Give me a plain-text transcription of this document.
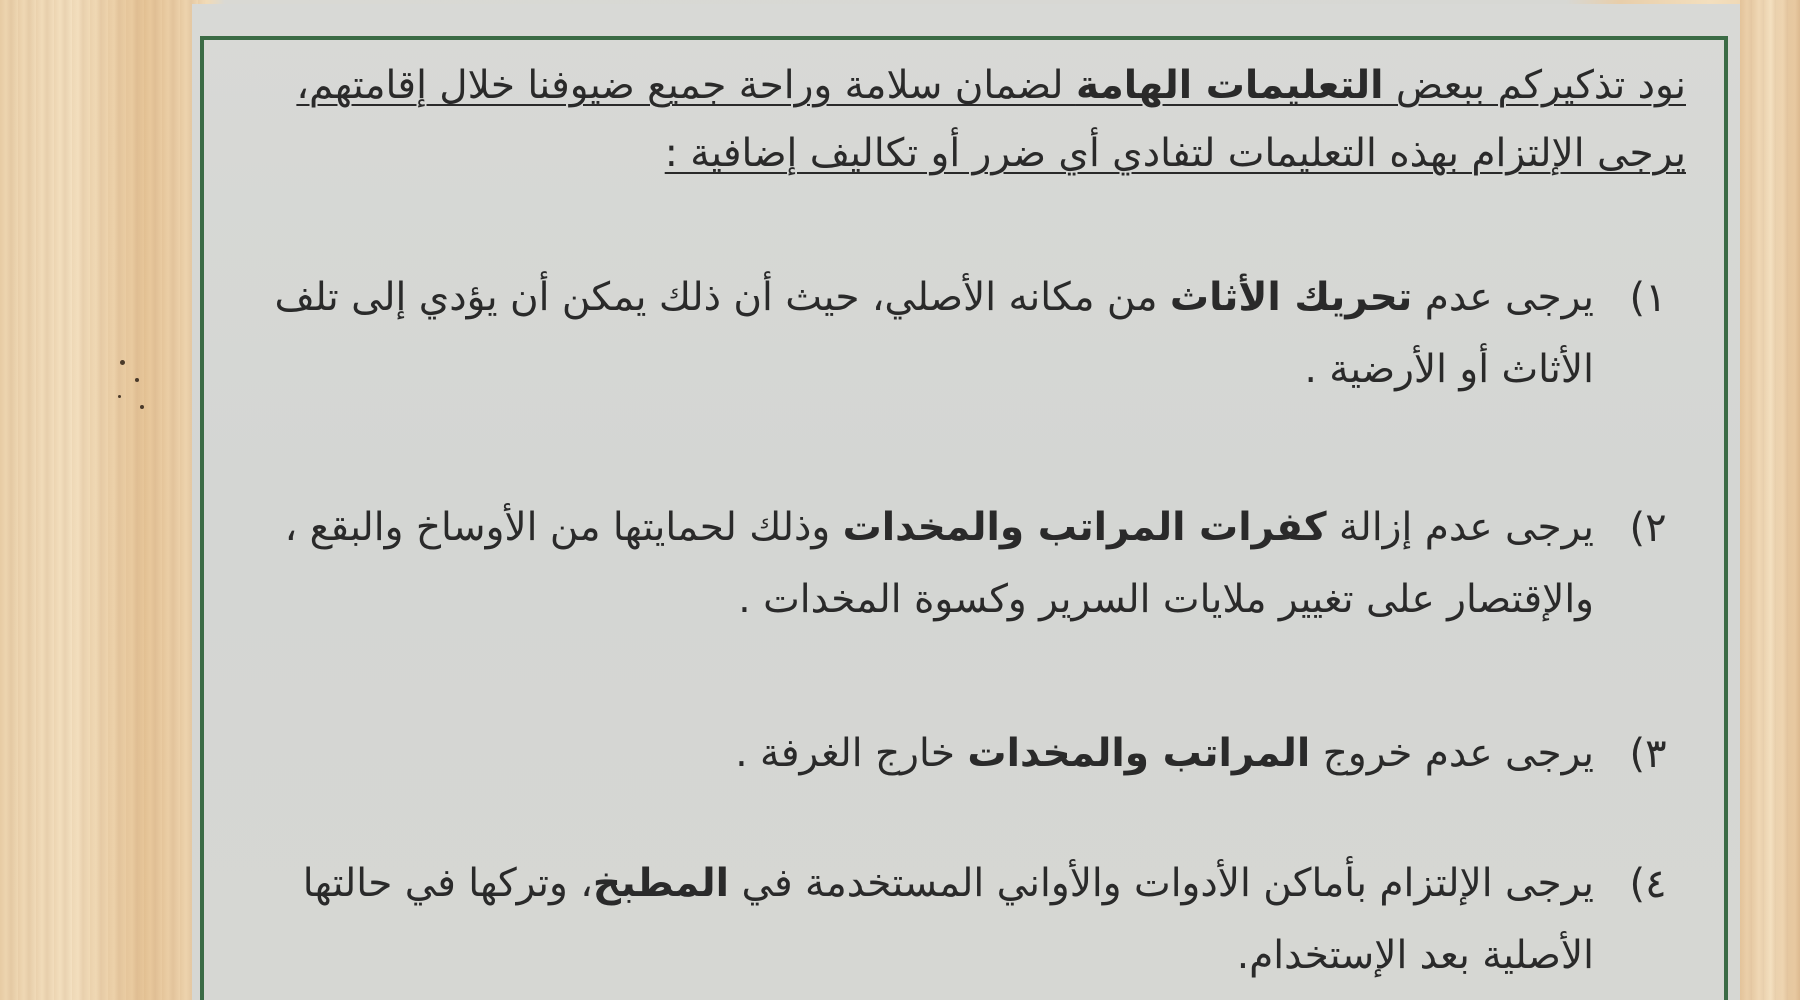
نود تذكيركم ببعض التعليمات الهامة لضمان سلامة وراحة جميع ضيوفنا خلال إقامتهم، يرجى الإلتزام بهذه التعليمات لتفادي أي ضرر أو تكاليف إضافية :

١)
يرجى عدم تحريك الأثاث من مكانه الأصلي، حيث أن ذلك يمكن أن يؤدي إلى تلف الأثاث أو الأرضية .
٢)
يرجى عدم إزالة كفرات المراتب والمخدات وذلك لحمايتها من الأوساخ والبقع ، والإقتصار على تغيير ملايات السرير وكسوة المخدات .
٣)
يرجى عدم خروج المراتب والمخدات خارج الغرفة .
٤)
يرجى الإلتزام بأماكن الأدوات والأواني المستخدمة في المطبخ، وتركها في حالتها الأصلية بعد الإستخدام.
